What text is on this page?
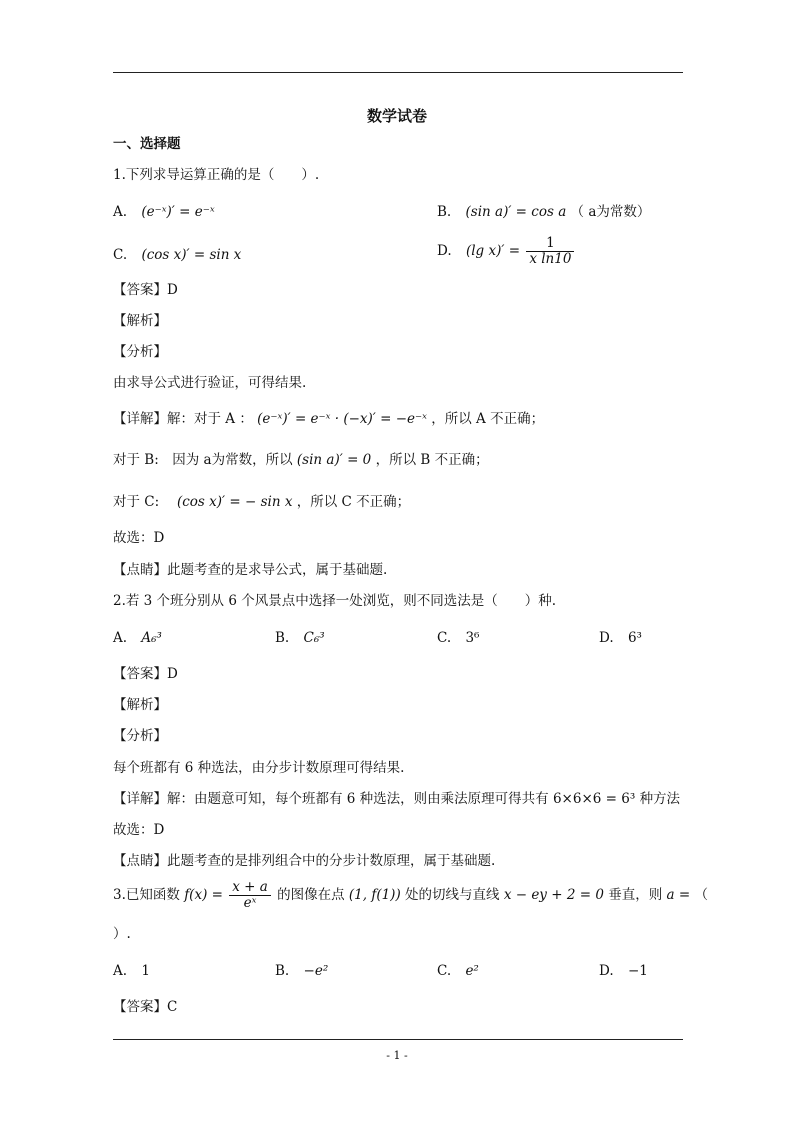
数学试卷
一、选择题
1.下列求导运算正确的是（　　）.
A. (e⁻ˣ)′ = e⁻ˣ	B. (sin a)′ = cos a （ a为常数）
C. (cos x)′ = sin x	D. (lg $x)' = \frac{1}{\text{x ln10}}$
【答案】D
【解析】
【分析】
由求导公式进行验证，可得结果.
【详解】解：对于 A ： (e⁻ˣ)′ = e⁻ˣ · (−x)′ = −e⁻ˣ ，所以 A 不正确；
对于 B:　因为 a为常数，所以 (sin a)′ = 0 ，所以 B 不正确；
对于 C:　 (cos x)′ = − sin x ，所以 C 不正确；
故选：D
【点睛】此题考查的是求导公式，属于基础题.
2.若 3 个班分别从 6 个风景点中选择一处浏览，则不同选法是（　　）种.
A. A₆³	B. C₆³	C. 3⁶	D. 6³
【答案】D
【解析】
【分析】
每个班都有 6 种选法，由分步计数原理可得结果.
【详解】解：由题意可知，每个班都有 6 种选法，则由乘法原理可得共有 6×6×6 = 6³ 种方法
故选：D
【点睛】此题考查的是排列组合中的分步计数原理，属于基础题.
3.已知函数 $f(x) = \frac{x + a}{\text{eˣ}}$ 的图像在点 (1, f(1)) 处的切线与直线 x − ey + 2 = 0 垂直，则 a = （
）.
A. 1	B. −e²	C. e²	D. −1
【答案】C
- 1 -
